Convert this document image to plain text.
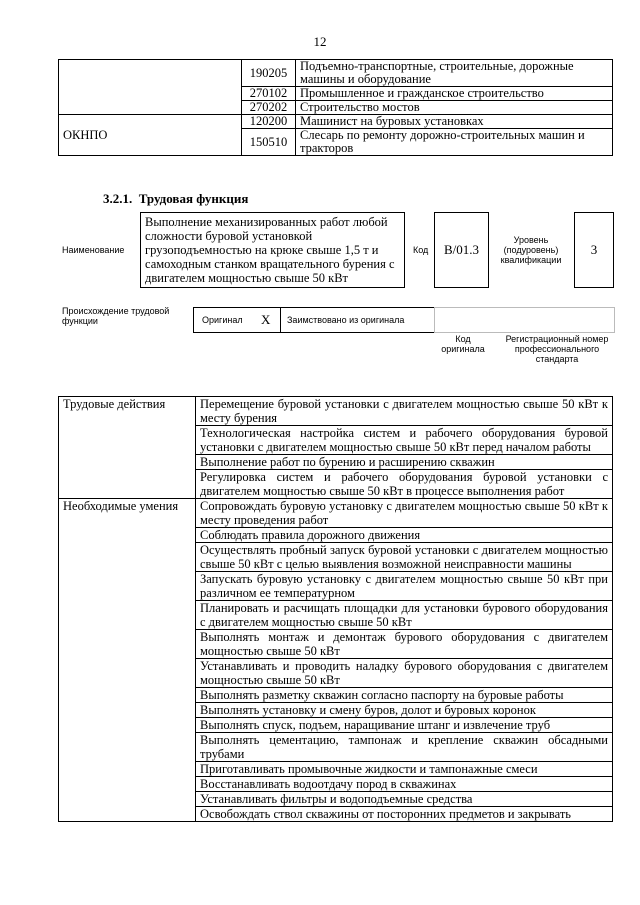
12
	190205	Подъемно-транспортные, строительные, дорожные машины и оборудование
	270102	Промышленное и гражданское строительство
	270202	Строительство мостов
ОКНПО	120200	Машинист на буровых установках
	150510	Слесарь по ремонту дорожно-строительных машин и тракторов
3.2.1. Трудовая функция
Наименование
Выполнение механизированных работ любой сложности буровой установкой грузоподъемностью на крюке свыше 1,5 т и самоходным станком вращательного бурения с двигателем мощностью свыше 50 кВт
Код	B/01.3
Уровень (подуровень) квалификации
3
Происхождение трудовой функции	Оригинал X Заимствовано из оригинала
Код оригинала
Регистрационный номер профессионального стандарта
Трудовые действия	Перемещение буровой установки с двигателем мощностью свыше 50 кВт к месту бурения
	Технологическая настройка систем и рабочего оборудования буровой установки с двигателем мощностью свыше 50 кВт перед началом работы
	Выполнение работ по бурению и расширению скважин
	Регулировка систем и рабочего оборудования буровой установки с двигателем мощностью свыше 50 кВт в процессе выполнения работ
Необходимые умения	Сопровождать буровую установку с двигателем мощностью свыше 50 кВт к месту проведения работ
	Соблюдать правила дорожного движения
	Осуществлять пробный запуск буровой установки с двигателем мощностью свыше 50 кВт с целью выявления возможной неисправности машины
	Запускать буровую установку с двигателем мощностью свыше 50 кВт при различном ее температурном
	Планировать и расчищать площадки для установки бурового оборудования с двигателем мощностью свыше 50 кВт
	Выполнять монтаж и демонтаж бурового оборудования с двигателем мощностью свыше 50 кВт
	Устанавливать и проводить наладку бурового оборудования с двигателем мощностью свыше 50 кВт
	Выполнять разметку скважин согласно паспорту на буровые работы
	Выполнять установку и смену буров, долот и буровых коронок
	Выполнять спуск, подъем, наращивание штанг и извлечение труб
	Выполнять цементацию, тампонаж и крепление скважин обсадными трубами
	Приготавливать промывочные жидкости и тампонажные смеси
	Восстанавливать водоотдачу пород в скважинах
	Устанавливать фильтры и водоподъемные средства
	Освобождать ствол скважины от посторонних предметов и закрывать
